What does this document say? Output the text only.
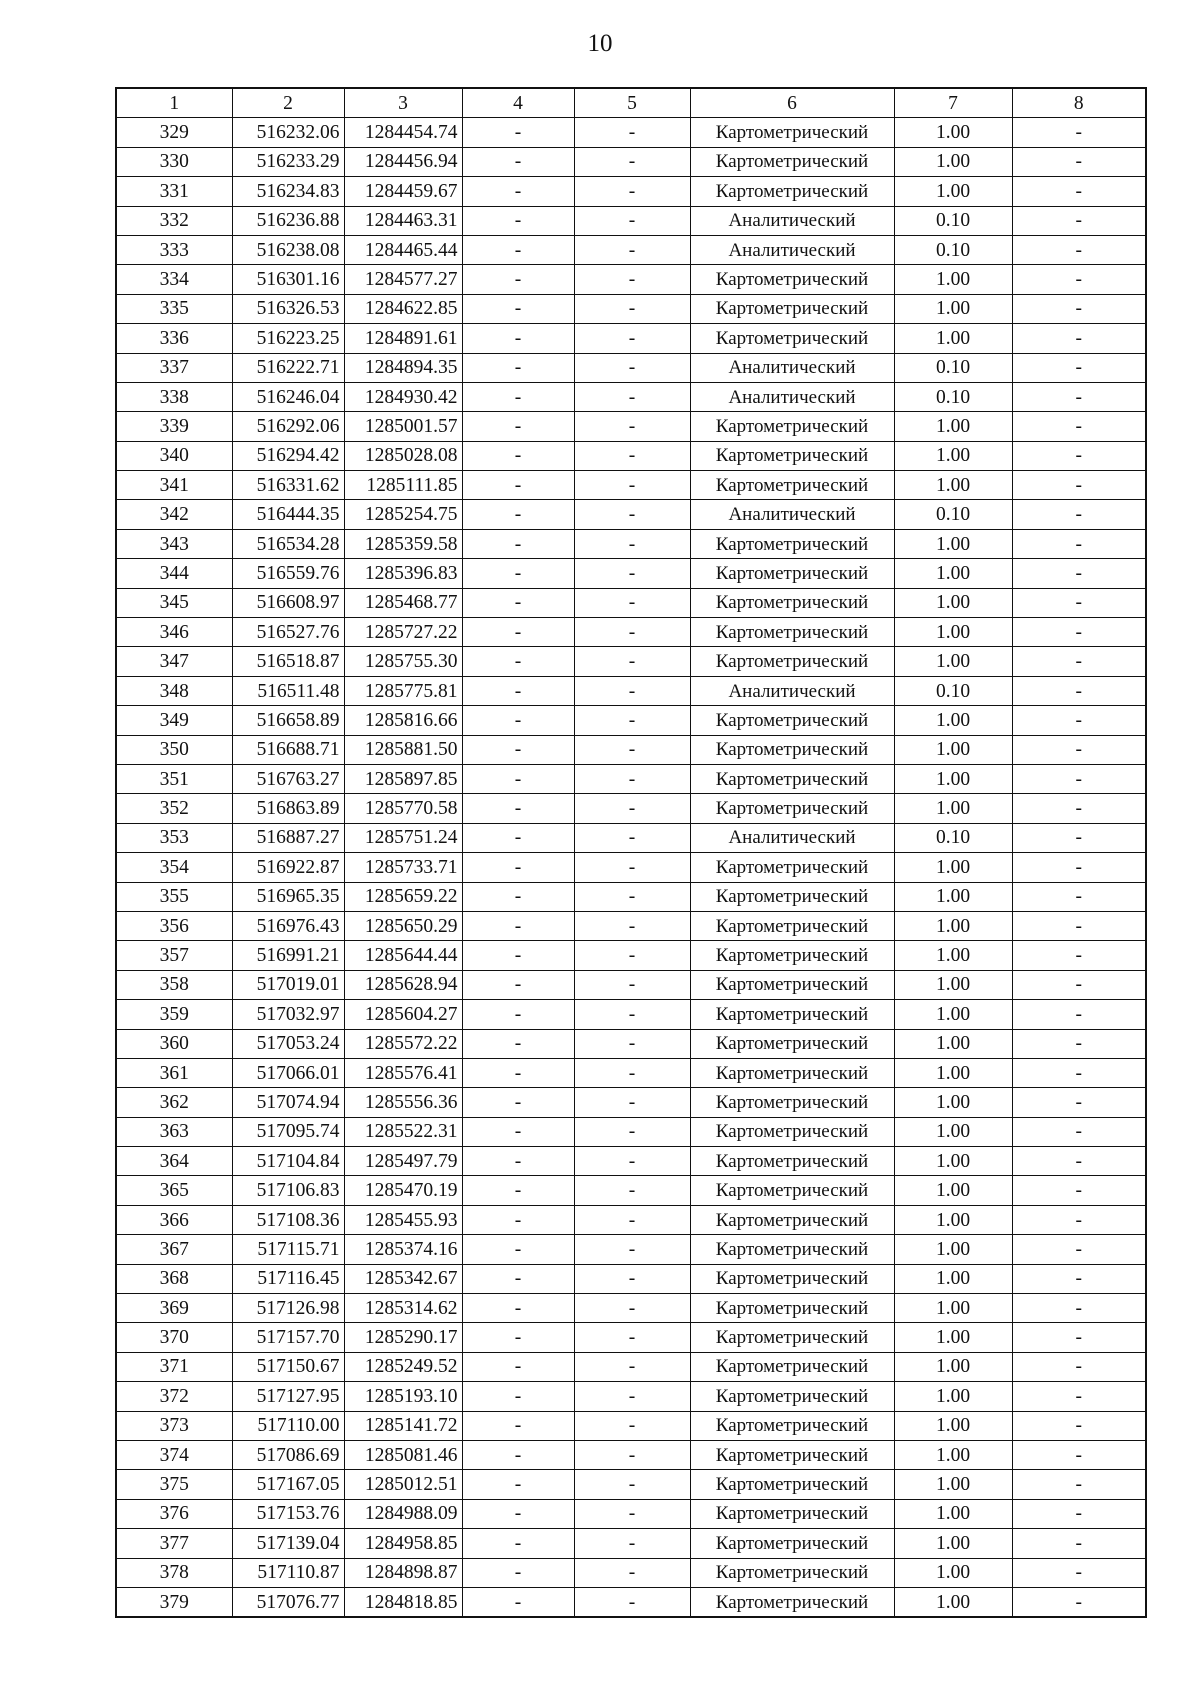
10
1	2	3	4	5	6	7	8
329	516232.06	1284454.74	-	-	Картометрический	1.00	-
330	516233.29	1284456.94	-	-	Картометрический	1.00	-
331	516234.83	1284459.67	-	-	Картометрический	1.00	-
332	516236.88	1284463.31	-	-	Аналитический	0.10	-
333	516238.08	1284465.44	-	-	Аналитический	0.10	-
334	516301.16	1284577.27	-	-	Картометрический	1.00	-
335	516326.53	1284622.85	-	-	Картометрический	1.00	-
336	516223.25	1284891.61	-	-	Картометрический	1.00	-
337	516222.71	1284894.35	-	-	Аналитический	0.10	-
338	516246.04	1284930.42	-	-	Аналитический	0.10	-
339	516292.06	1285001.57	-	-	Картометрический	1.00	-
340	516294.42	1285028.08	-	-	Картометрический	1.00	-
341	516331.62	1285111.85	-	-	Картометрический	1.00	-
342	516444.35	1285254.75	-	-	Аналитический	0.10	-
343	516534.28	1285359.58	-	-	Картометрический	1.00	-
344	516559.76	1285396.83	-	-	Картометрический	1.00	-
345	516608.97	1285468.77	-	-	Картометрический	1.00	-
346	516527.76	1285727.22	-	-	Картометрический	1.00	-
347	516518.87	1285755.30	-	-	Картометрический	1.00	-
348	516511.48	1285775.81	-	-	Аналитический	0.10	-
349	516658.89	1285816.66	-	-	Картометрический	1.00	-
350	516688.71	1285881.50	-	-	Картометрический	1.00	-
351	516763.27	1285897.85	-	-	Картометрический	1.00	-
352	516863.89	1285770.58	-	-	Картометрический	1.00	-
353	516887.27	1285751.24	-	-	Аналитический	0.10	-
354	516922.87	1285733.71	-	-	Картометрический	1.00	-
355	516965.35	1285659.22	-	-	Картометрический	1.00	-
356	516976.43	1285650.29	-	-	Картометрический	1.00	-
357	516991.21	1285644.44	-	-	Картометрический	1.00	-
358	517019.01	1285628.94	-	-	Картометрический	1.00	-
359	517032.97	1285604.27	-	-	Картометрический	1.00	-
360	517053.24	1285572.22	-	-	Картометрический	1.00	-
361	517066.01	1285576.41	-	-	Картометрический	1.00	-
362	517074.94	1285556.36	-	-	Картометрический	1.00	-
363	517095.74	1285522.31	-	-	Картометрический	1.00	-
364	517104.84	1285497.79	-	-	Картометрический	1.00	-
365	517106.83	1285470.19	-	-	Картометрический	1.00	-
366	517108.36	1285455.93	-	-	Картометрический	1.00	-
367	517115.71	1285374.16	-	-	Картометрический	1.00	-
368	517116.45	1285342.67	-	-	Картометрический	1.00	-
369	517126.98	1285314.62	-	-	Картометрический	1.00	-
370	517157.70	1285290.17	-	-	Картометрический	1.00	-
371	517150.67	1285249.52	-	-	Картометрический	1.00	-
372	517127.95	1285193.10	-	-	Картометрический	1.00	-
373	517110.00	1285141.72	-	-	Картометрический	1.00	-
374	517086.69	1285081.46	-	-	Картометрический	1.00	-
375	517167.05	1285012.51	-	-	Картометрический	1.00	-
376	517153.76	1284988.09	-	-	Картометрический	1.00	-
377	517139.04	1284958.85	-	-	Картометрический	1.00	-
378	517110.87	1284898.87	-	-	Картометрический	1.00	-
379	517076.77	1284818.85	-	-	Картометрический	1.00	-
